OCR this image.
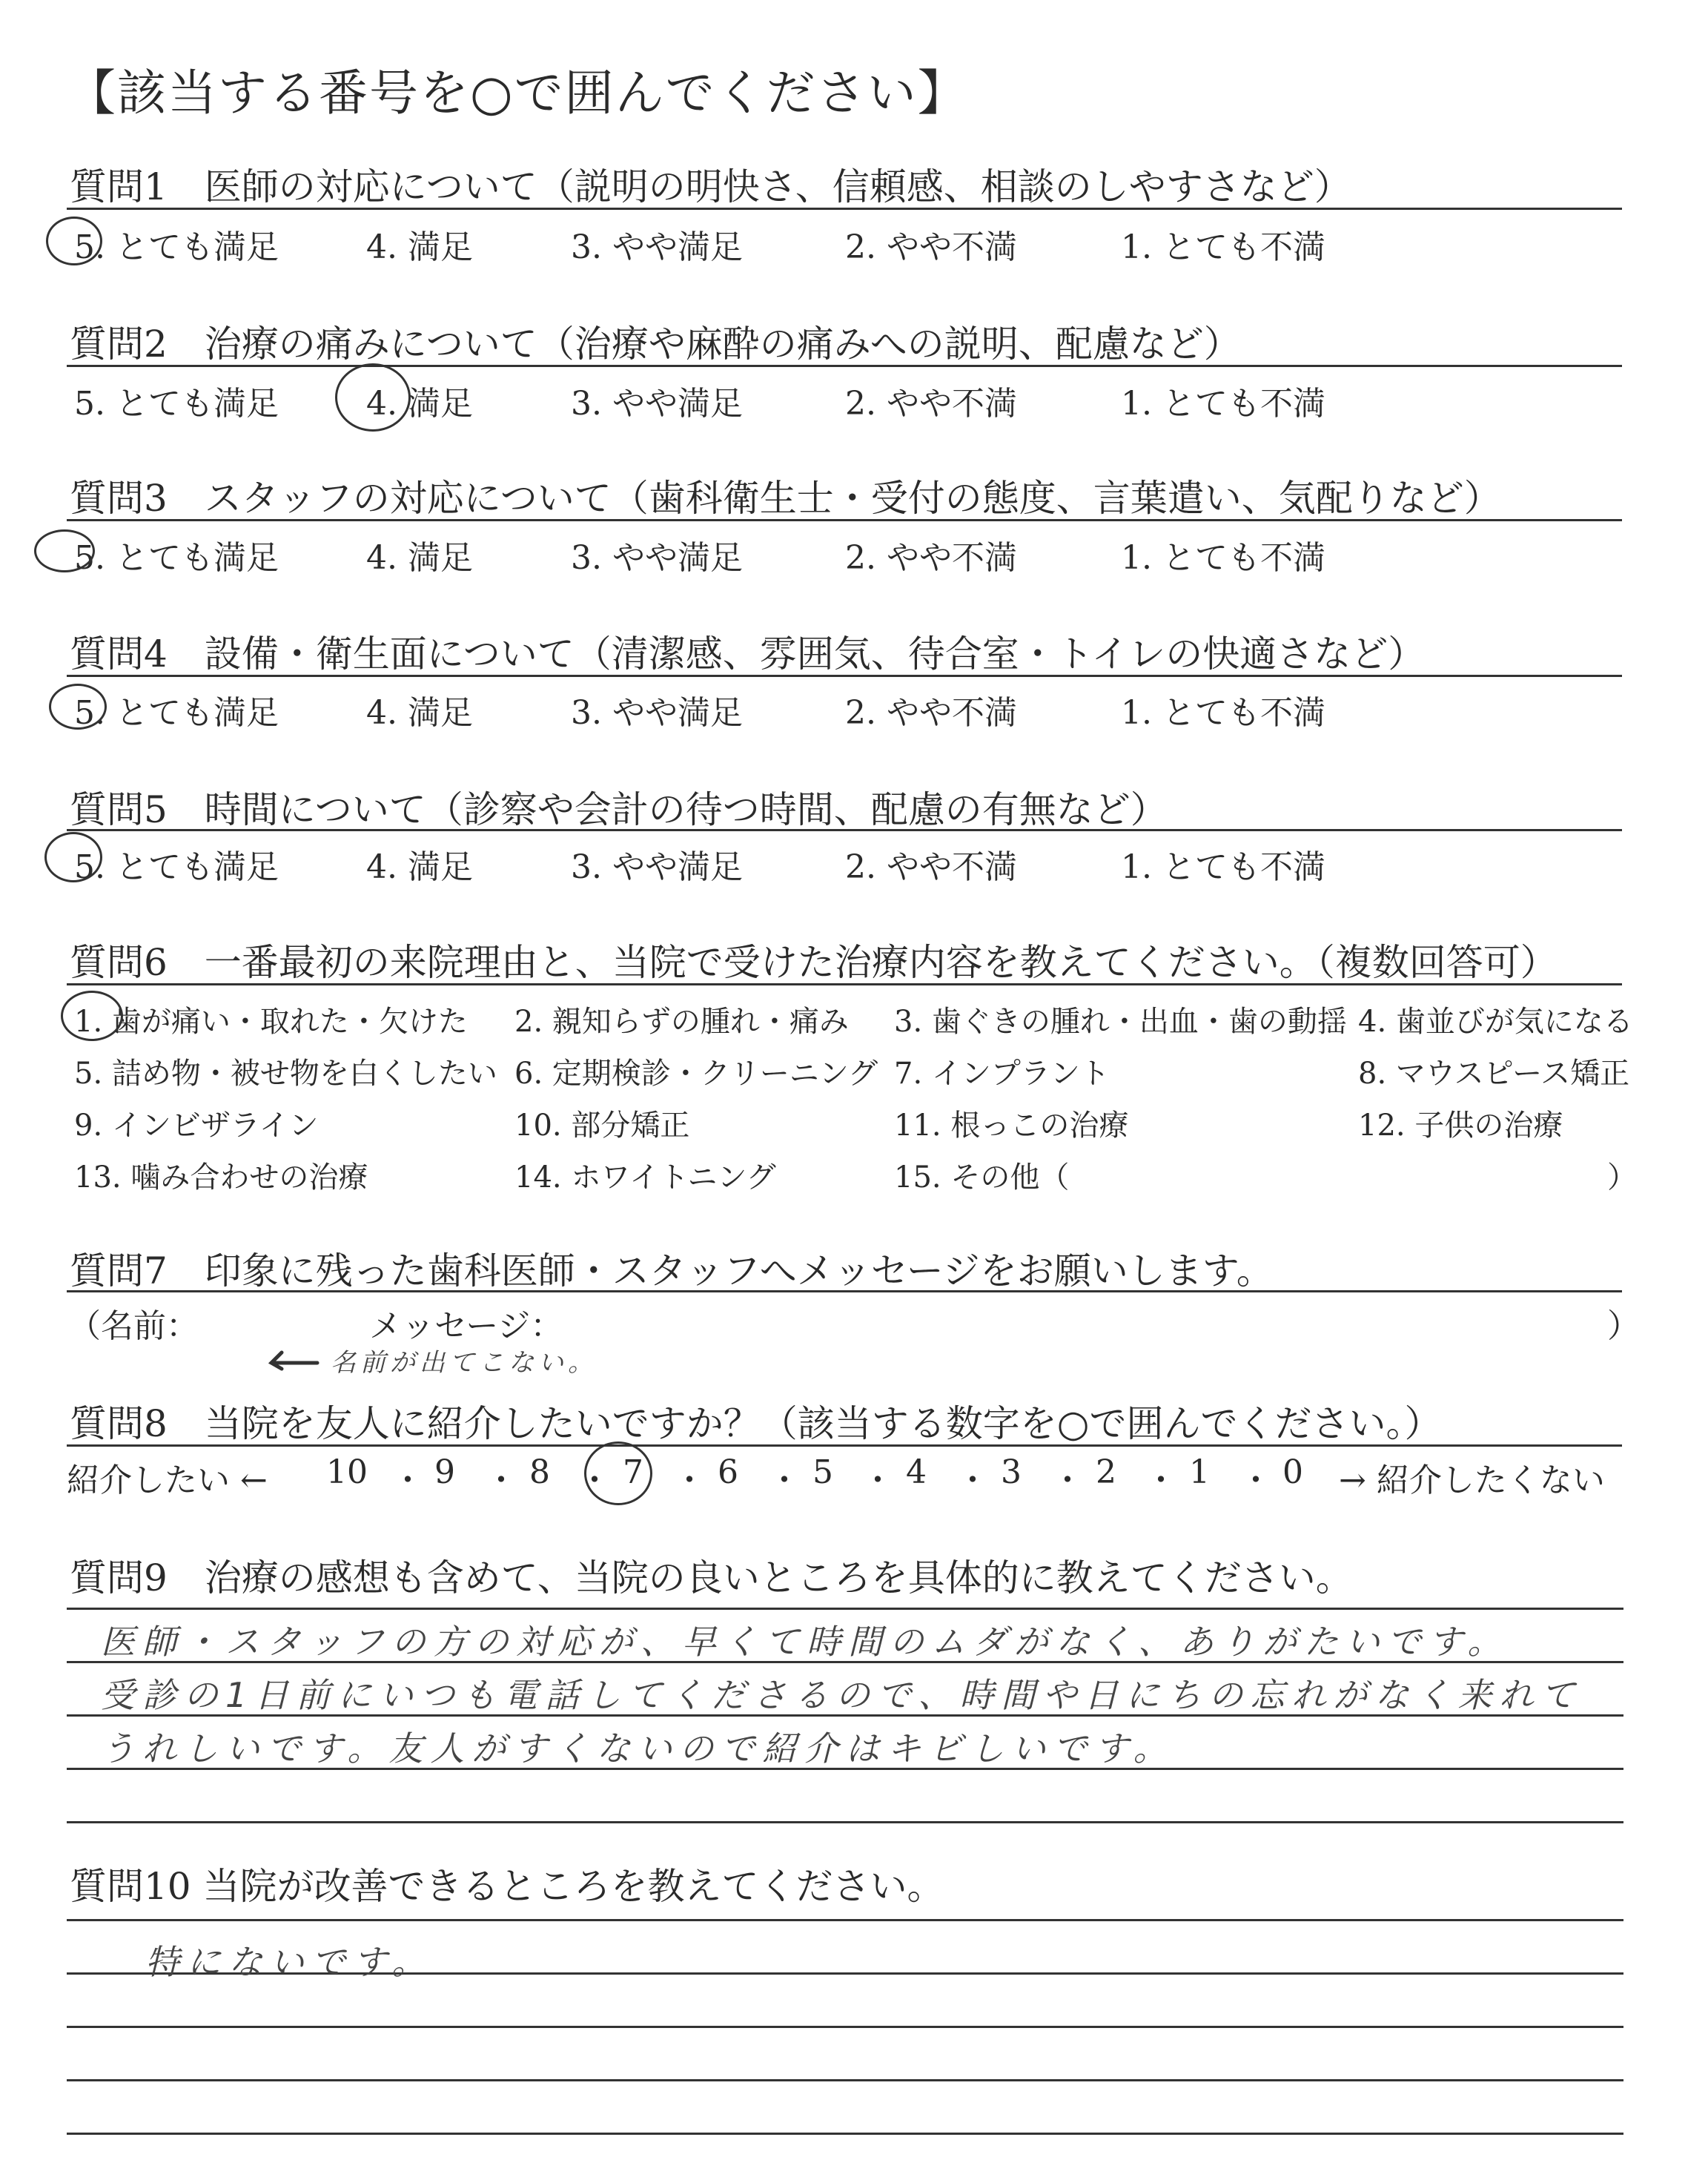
【該当する番号を○で囲んでください】
質問1　医師の対応について（説明の明快さ、信頼感、相談のしやすさなど）
5. とても満足	4. 満足	3. やや満足	2. やや不満	1. とても不満
質問2　治療の痛みについて（治療や麻酔の痛みへの説明、配慮など）
5. とても満足	4. 満足	3. やや満足	2. やや不満	1. とても不満
質問3　スタッフの対応について（歯科衛生士・受付の態度、言葉遣い、気配りなど）
5. とても満足	4. 満足	3. やや満足	2. やや不満	1. とても不満
質問4　設備・衛生面について（清潔感、雰囲気、待合室・トイレの快適さなど）
5. とても満足	4. 満足	3. やや満足	2. やや不満	1. とても不満
質問5　時間について（診察や会計の待つ時間、配慮の有無など）
5. とても満足	4. 満足	3. やや満足	2. やや不満	1. とても不満
質問6　一番最初の来院理由と、当院で受けた治療内容を教えてください。（複数回答可）
1. 歯が痛い・取れた・欠けた 2. 親知らずの腫れ・痛み 3. 歯ぐきの腫れ・出血・歯の動揺 4. 歯並びが気になる
5. 詰め物・被せ物を白くしたい 6. 定期検診・クリーニング 7. インプラント	8. マウスピース矯正
9. インビザライン	10. 部分矯正	11. 根っこの治療	12. 子供の治療
13. 噛み合わせの治療	14. ホワイトニング	15. その他（	）
質問7　印象に残った歯科医師・スタッフへメッセージをお願いします。
（名前：	メッセージ：	）
名前が出てこない。
質問8　当院を友人に紹介したいですか？（該当する数字を○で囲んでください。）
紹介したい ← 10 ・ 9 ・ 8 ・ 7 ・ 6 ・ 5 ・ 4 ・ 3 ・ 2 ・ 1 ・ 0 → 紹介したくない
質問9　治療の感想も含めて、当院の良いところを具体的に教えてください。
医師・スタッフの方の対応が、早くて時間のムダがなく、ありがたいです。
受診の1日前にいつも電話してくださるので、時間や日にちの忘れがなく来れて
うれしいです。友人がすくないので紹介はキビしいです。
質問10 当院が改善できるところを教えてください。
特にないです。
